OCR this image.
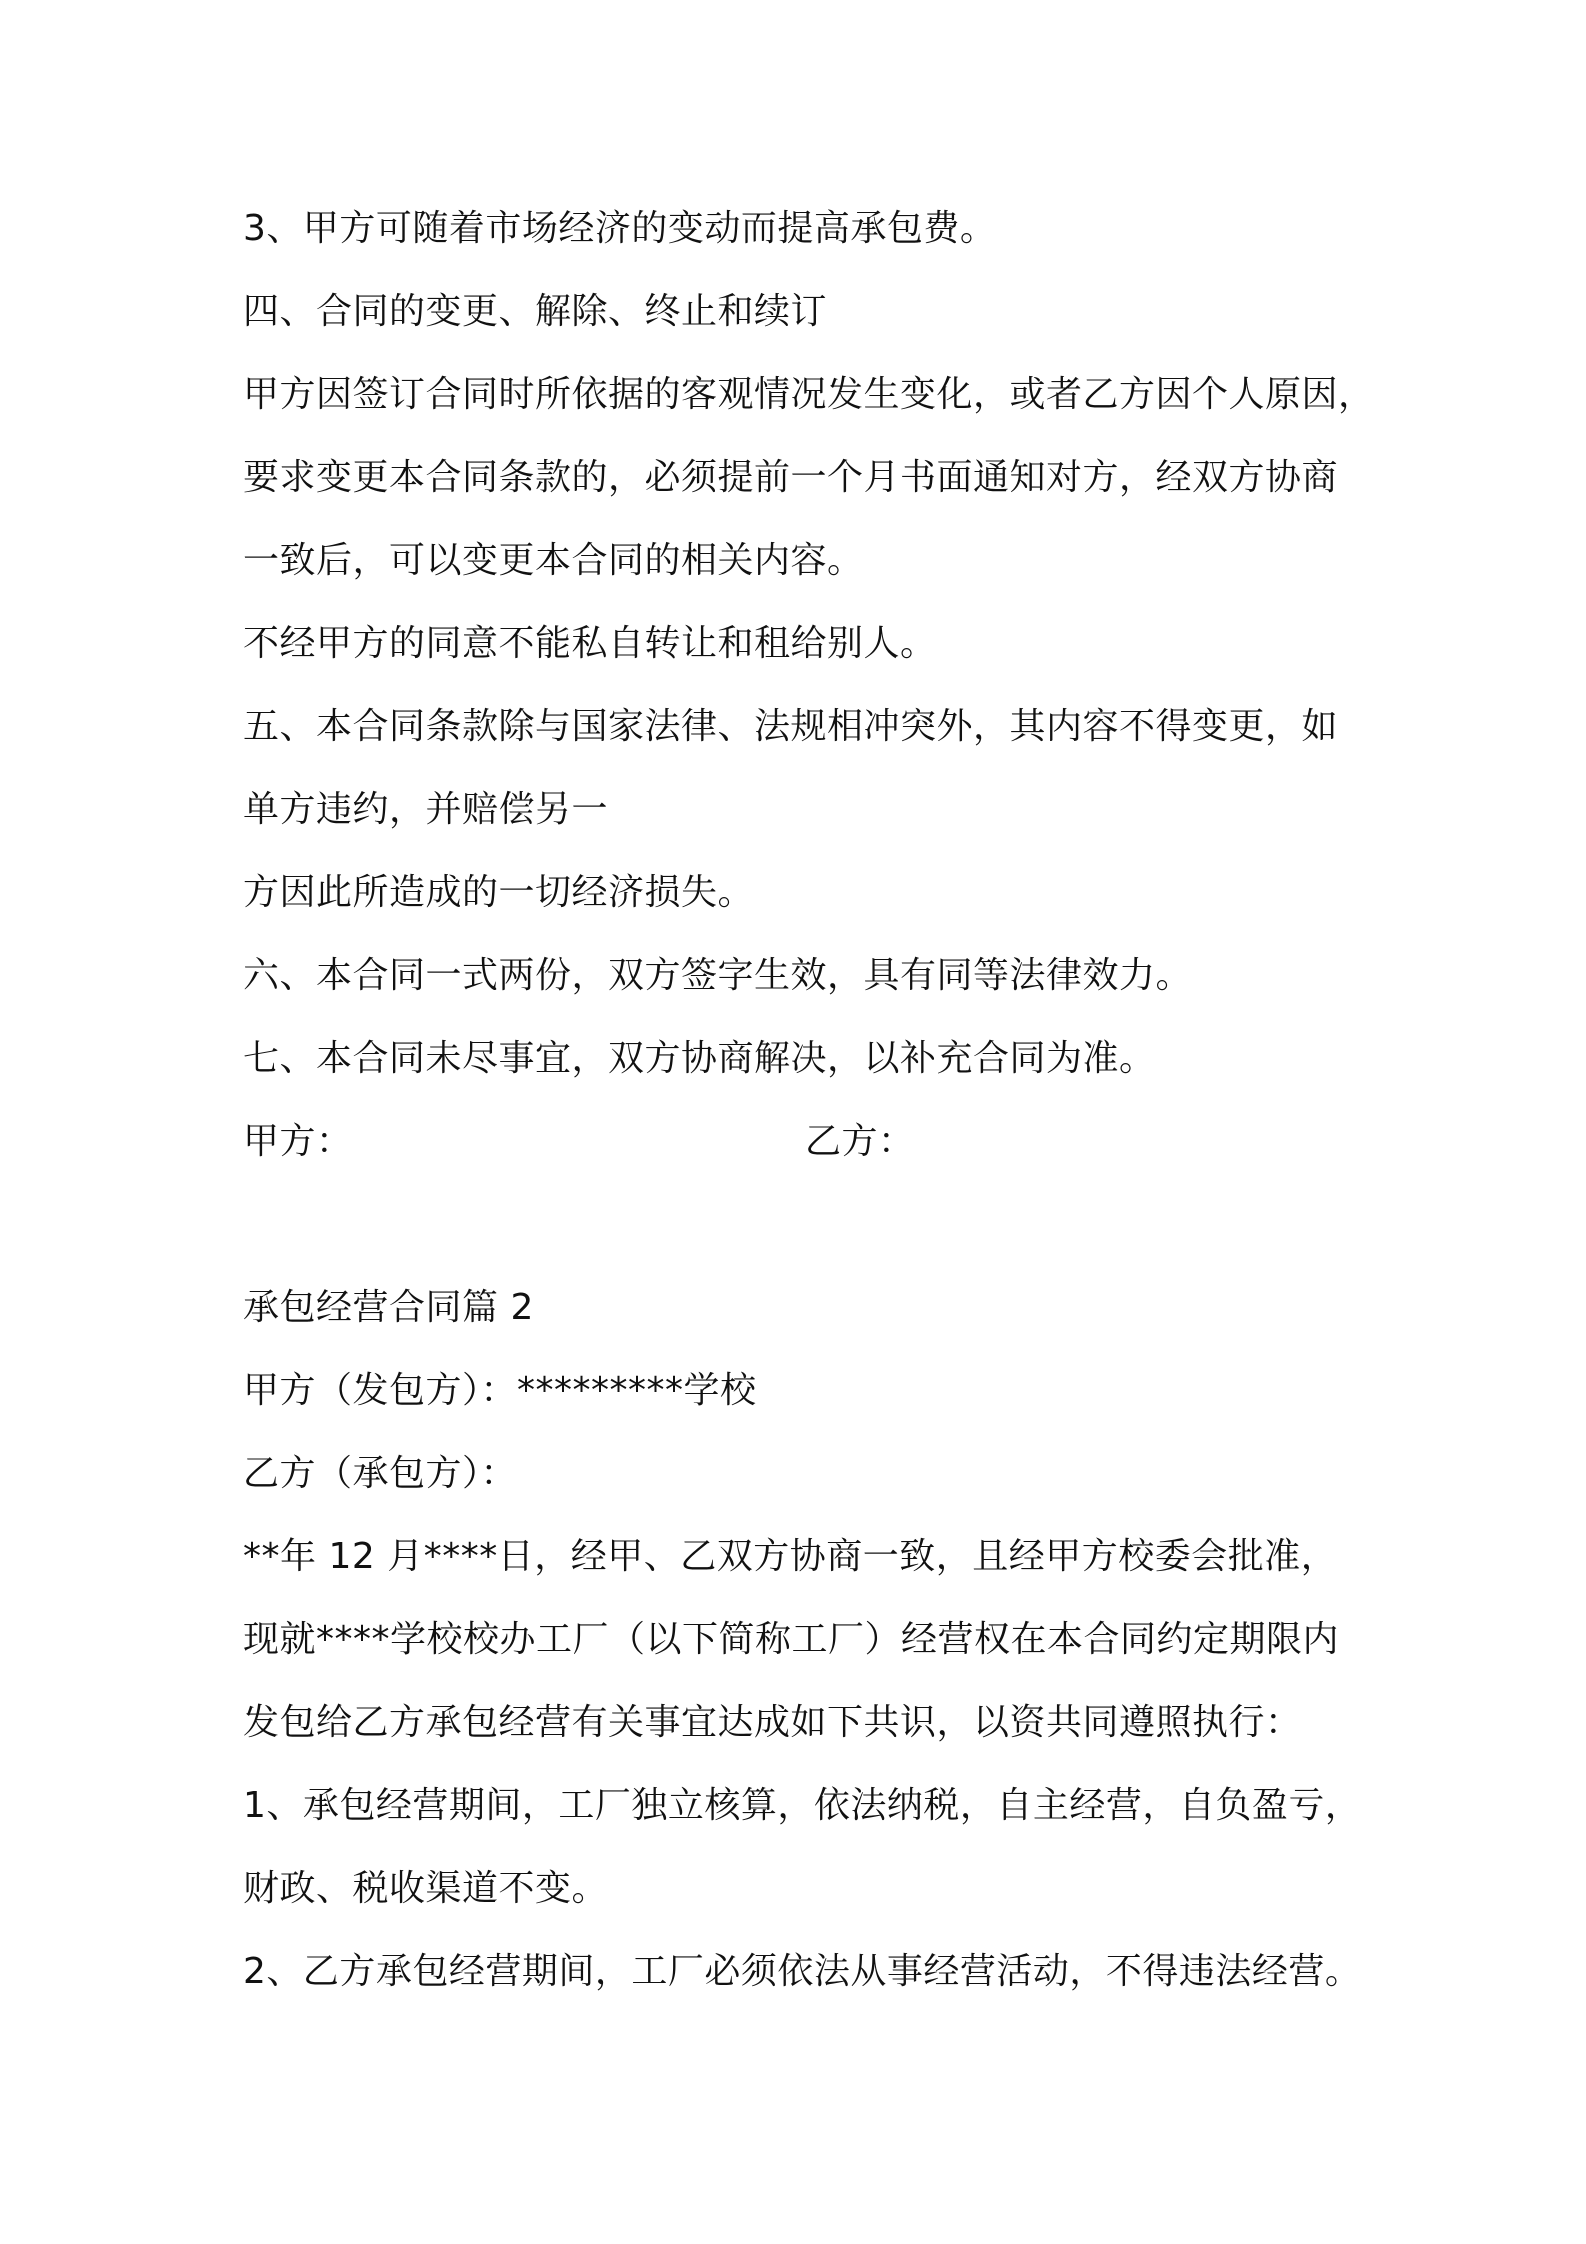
3、甲方可随着市场经济的变动而提高承包费。
四、合同的变更、解除、终止和续订
甲方因签订合同时所依据的客观情况发生变化，或者乙方因个人原因，
要求变更本合同条款的，必须提前一个月书面通知对方，经双方协商
一致后，可以变更本合同的相关内容。
不经甲方的同意不能私自转让和租给别人。
五、本合同条款除与国家法律、法规相冲突外，其内容不得变更，如
单方违约，并赔偿另一
方因此所造成的一切经济损失。
六、本合同一式两份，双方签字生效，具有同等法律效力。
七、本合同未尽事宜，双方协商解决，以补充合同为准。
甲方：	乙方：
承包经营合同篇 2
甲方（发包方）：*********学校
乙方（承包方）：
**年 12 月****日，经甲、乙双方协商一致，且经甲方校委会批准，
现就****学校校办工厂（以下简称工厂）经营权在本合同约定期限内
发包给乙方承包经营有关事宜达成如下共识，以资共同遵照执行：
1、承包经营期间，工厂独立核算，依法纳税，自主经营，自负盈亏，
财政、税收渠道不变。
2、乙方承包经营期间，工厂必须依法从事经营活动，不得违法经营。
